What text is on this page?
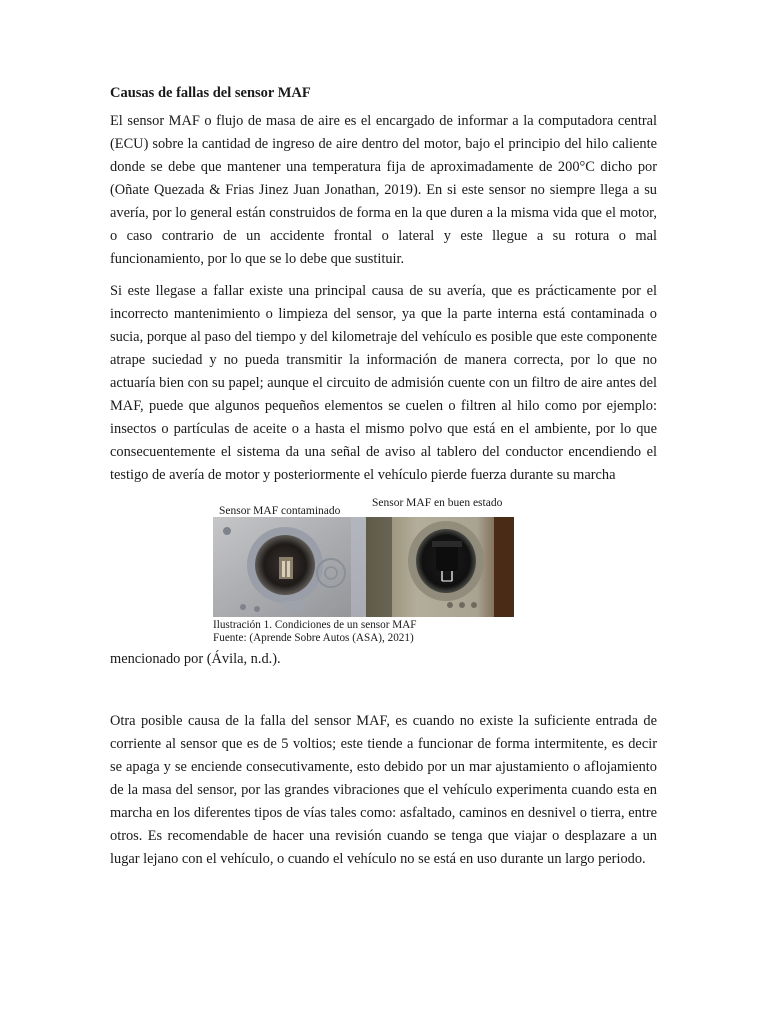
Causas de fallas del sensor MAF

El sensor MAF o flujo de masa de aire es el encargado de informar a la computadora central (ECU) sobre la cantidad de ingreso de aire dentro del motor, bajo el principio del hilo caliente donde se debe que mantener una temperatura fija de aproximadamente de 200°C dicho por (Oñate Quezada & Frias Jinez Juan Jonathan, 2019). En si este sensor no siempre llega a su avería, por lo general están construidos de forma en la que duren a la misma vida que el motor, o caso contrario de un accidente frontal o lateral y este llegue a su rotura o mal funcionamiento, por lo que se lo debe que sustituir.

Si este llegase a fallar existe una principal causa de su avería, que es prácticamente por el incorrecto mantenimiento o limpieza del sensor, ya que la parte interna está contaminada o sucia, porque al paso del tiempo y del kilometraje del vehículo es posible que este componente atrape suciedad y no pueda transmitir la información de manera correcta, por lo que no actuaría bien con su papel; aunque el circuito de admisión cuente con un filtro de aire antes del MAF, puede que algunos pequeños elementos se cuelen o filtren al hilo como por ejemplo: insectos o partículas de aceite o a hasta el mismo polvo que está en el ambiente, por lo que consecuentemente el sistema da una señal de aviso al tablero del conductor encendiendo el testigo de avería de motor y posteriormente el vehículo pierde fuerza durante su marcha

Sensor MAF contaminado
Sensor MAF en buen estado
Ilustración 1. Condiciones de un sensor MAF
Fuente: (Aprende Sobre Autos (ASA), 2021)

mencionado por (Ávila, n.d.).

Otra posible causa de la falla del sensor MAF, es cuando no existe la suficiente entrada de corriente al sensor que es de 5 voltios; este tiende a funcionar de forma intermitente, es decir se apaga y se enciende consecutivamente, esto debido por un mar ajustamiento o aflojamiento de la masa del sensor, por las grandes vibraciones que el vehículo experimenta cuando esta en marcha en los diferentes tipos de vías tales como: asfaltado, caminos en desnivel o tierra, entre otros. Es recomendable de hacer una revisión cuando se tenga que viajar o desplazare a un lugar lejano con el vehículo, o cuando el vehículo no se está en uso durante un largo periodo.
